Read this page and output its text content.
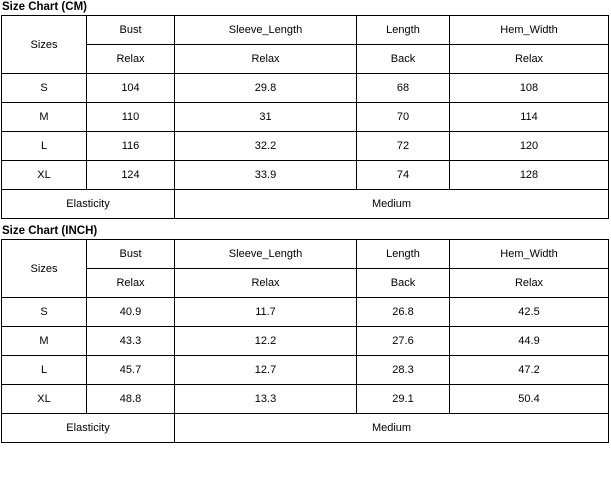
Size Chart (CM)
Sizes	Bust	Sleeve_Length	Length	Hem_Width
	Relax	Relax	Back	Relax
S	104	29.8	68	108
M	110	31	70	114
L	116	32.2	72	120
XL	124	33.9	74	128
Elasticity		Medium		
Size Chart (INCH)
Sizes	Bust	Sleeve_Length	Length	Hem_Width
	Relax	Relax	Back	Relax
S	40.9	11.7	26.8	42.5
M	43.3	12.2	27.6	44.9
L	45.7	12.7	28.3	47.2
XL	48.8	13.3	29.1	50.4
Elasticity		Medium		
